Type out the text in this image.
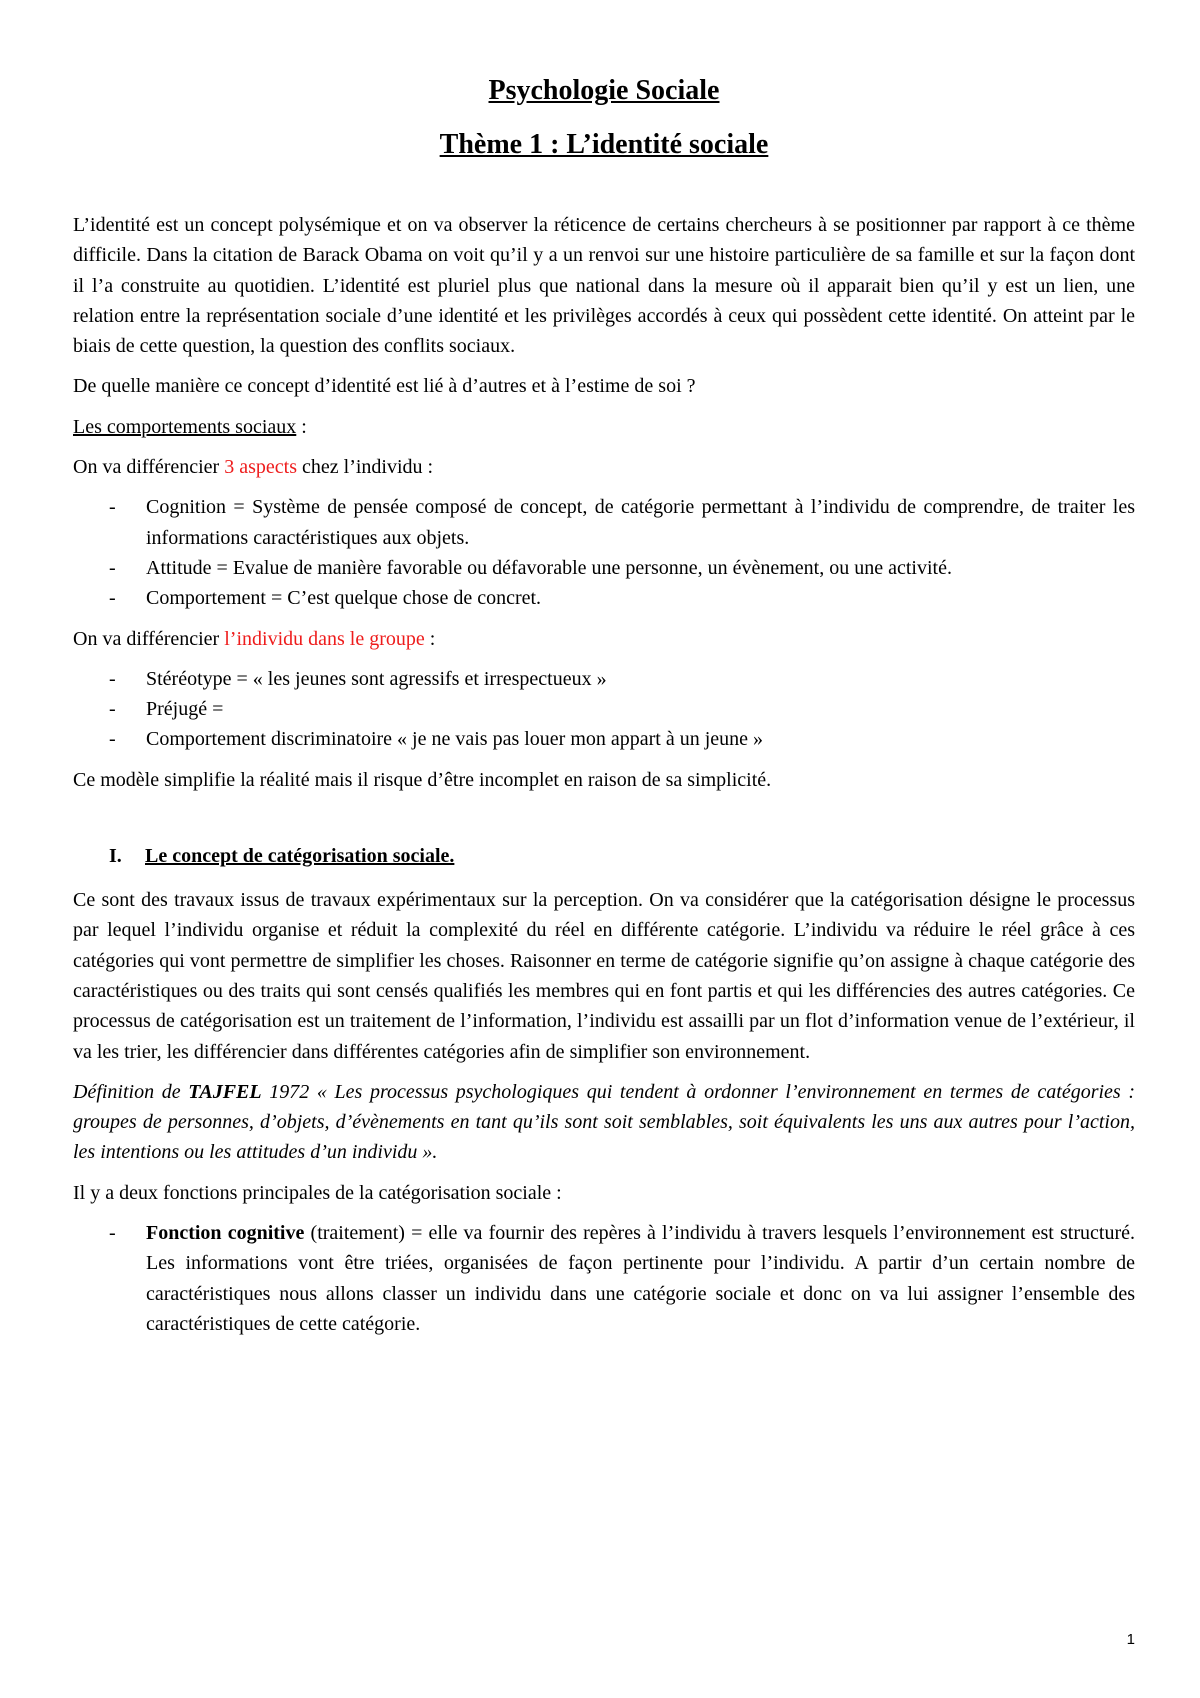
Psychologie Sociale
Thème 1 : L’identité sociale

L’identité est un concept polysémique et on va observer la réticence de certains chercheurs à se positionner par rapport à ce thème difficile. Dans la citation de Barack Obama on voit qu’il y a un renvoi sur une histoire particulière de sa famille et sur la façon dont il l’a construite au quotidien. L’identité est pluriel plus que national dans la mesure où il apparait bien qu’il y est un lien, une relation entre la représentation sociale d’une identité et les privilèges accordés à ceux qui possèdent cette identité. On atteint par le biais de cette question, la question des conflits sociaux.

De quelle manière ce concept d’identité est lié à d’autres et à l’estime de soi ?

Les comportements sociaux :

On va différencier 3 aspects chez l’individu :

- Cognition = Système de pensée composé de concept, de catégorie permettant à l’individu de comprendre, de traiter les informations caractéristiques aux objets.
- Attitude = Evalue de manière favorable ou défavorable une personne, un évènement, ou une activité.
- Comportement = C’est quelque chose de concret.

On va différencier l’individu dans le groupe :

- Stéréotype = « les jeunes sont agressifs et irrespectueux »
- Préjugé =
- Comportement discriminatoire « je ne vais pas louer mon appart à un jeune »

Ce modèle simplifie la réalité mais il risque d’être incomplet en raison de sa simplicité.

I.	Le concept de catégorisation sociale.

Ce sont des travaux issus de travaux expérimentaux sur la perception. On va considérer que la catégorisation désigne le processus par lequel l’individu organise et réduit la complexité du réel en différente catégorie. L’individu va réduire le réel grâce à ces catégories qui vont permettre de simplifier les choses. Raisonner en terme de catégorie signifie qu’on assigne à chaque catégorie des caractéristiques ou des traits qui sont censés qualifiés les membres qui en font partis et qui les différencies des autres catégories. Ce processus de catégorisation est un traitement de l’information, l’individu est assailli par un flot d’information venue de l’extérieur, il va les trier, les différencier dans différentes catégories afin de simplifier son environnement.

Définition de TAJFEL 1972 « Les processus psychologiques qui tendent à ordonner l’environnement en termes de catégories : groupes de personnes, d’objets, d’évènements en tant qu’ils sont soit semblables, soit équivalents les uns aux autres pour l’action, les intentions ou les attitudes d’un individu ».

Il y a deux fonctions principales de la catégorisation sociale :

- Fonction cognitive (traitement) = elle va fournir des repères à l’individu à travers lesquels l’environnement est structuré. Les informations vont être triées, organisées de façon pertinente pour l’individu. A partir d’un certain nombre de caractéristiques nous allons classer un individu dans une catégorie sociale et donc on va lui assigner l’ensemble des caractéristiques de cette catégorie.
1
